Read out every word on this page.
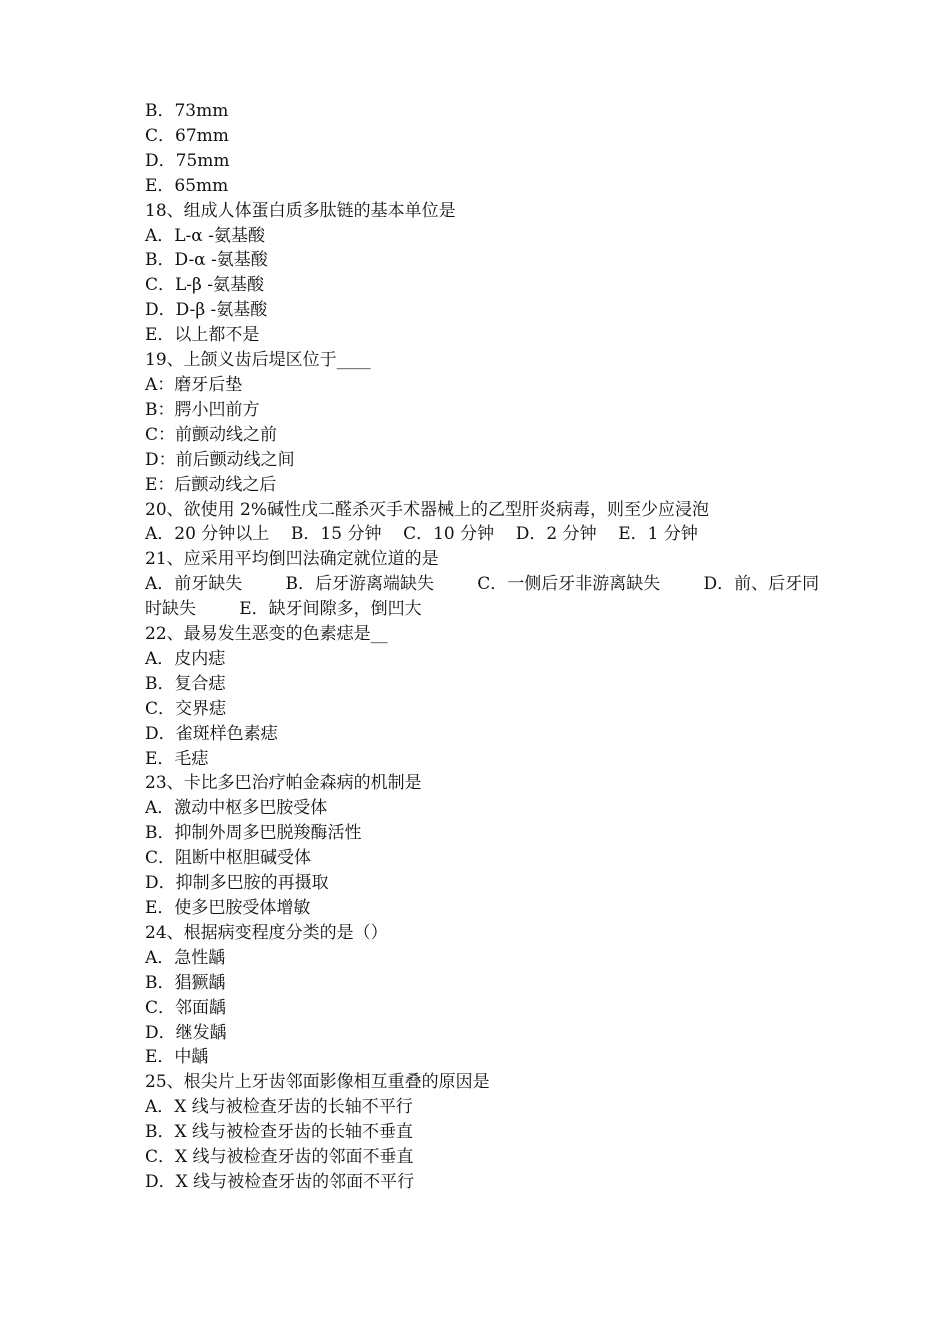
B．73mm
C．67mm
D．75mm
E．65mm
18、组成人体蛋白质多肽链的基本单位是
A．L-α -氨基酸
B．D-α -氨基酸
C．L-β -氨基酸
D．D-β -氨基酸
E．以上都不是
19、上颌义齿后堤区位于____
A：磨牙后垫
B：腭小凹前方
C：前颤动线之前
D：前后颤动线之间
E：后颤动线之后
20、欲使用 2%碱性戊二醛杀灭手术器械上的乙型肝炎病毒，则至少应浸泡
A．20 分钟以上    B．15 分钟    C．10 分钟    D．2 分钟    E．1 分钟
21、应采用平均倒凹法确定就位道的是
A．前牙缺失        B．后牙游离端缺失        C．一侧后牙非游离缺失        D．前、后牙同时缺失        E．缺牙间隙多，倒凹大
22、最易发生恶变的色素痣是__
A．皮内痣
B．复合痣
C．交界痣
D．雀斑样色素痣
E．毛痣
23、卡比多巴治疗帕金森病的机制是
A．激动中枢多巴胺受体
B．抑制外周多巴脱羧酶活性
C．阻断中枢胆碱受体
D．抑制多巴胺的再摄取
E．使多巴胺受体增敏
24、根据病变程度分类的是（）
A．急性龋
B．猖獗龋
C．邻面龋
D．继发龋
E．中龋
25、根尖片上牙齿邻面影像相互重叠的原因是
A．X 线与被检查牙齿的长轴不平行
B．X 线与被检查牙齿的长轴不垂直
C．X 线与被检查牙齿的邻面不垂直
D．X 线与被检查牙齿的邻面不平行
